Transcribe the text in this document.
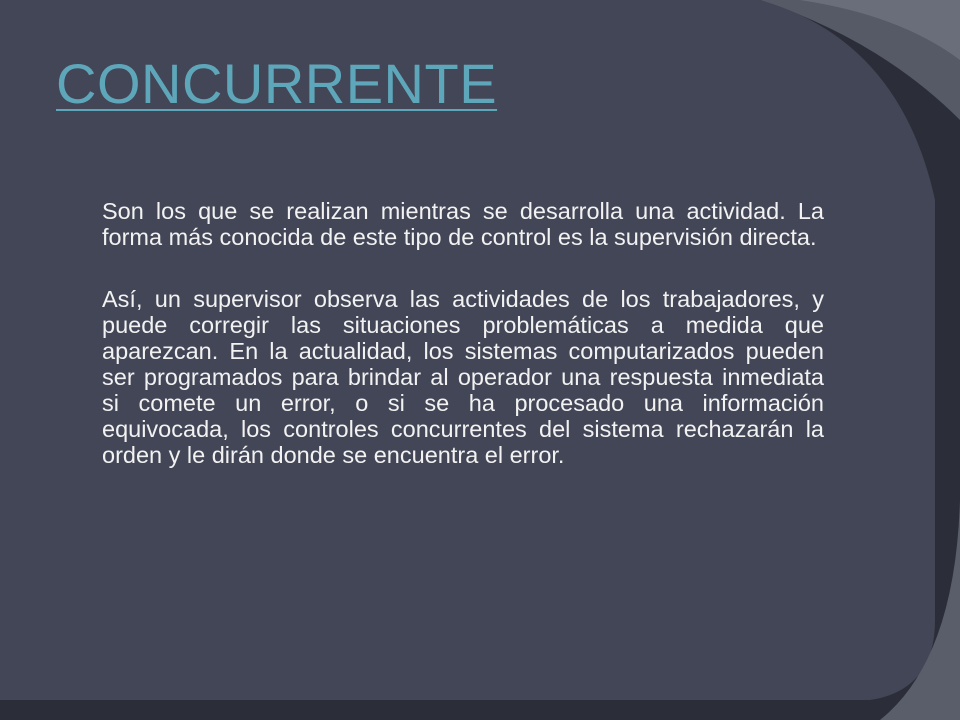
CONCURRENTE

Son los que se realizan mientras se desarrolla una actividad. La forma más conocida de este tipo de control es la supervisión directa.

Así, un supervisor observa las actividades de los trabajadores, y puede corregir las situaciones problemáticas a medida que aparezcan. En la actualidad, los sistemas computarizados pueden ser programados para brindar al operador una respuesta inmediata si comete un error, o si se ha procesado una información equivocada, los controles concurrentes del sistema rechazarán la orden y le dirán donde se encuentra el error.
